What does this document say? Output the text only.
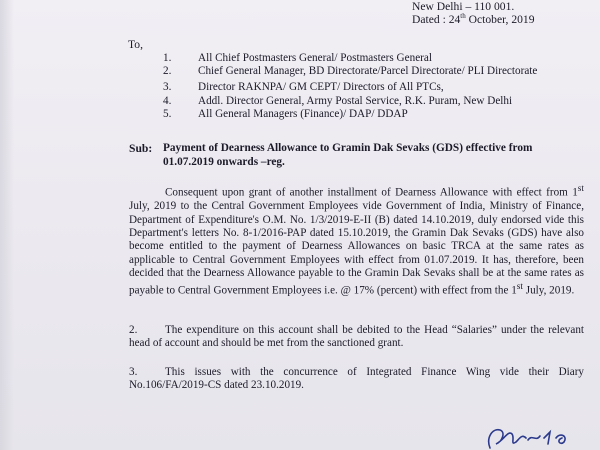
New Delhi – 110 001.
Dated : 24th October, 2019
To,
1.	All Chief Postmasters General/ Postmasters General
2.	Chief General Manager, BD Directorate/Parcel Directorate/ PLI Directorate
3.	Director RAKNPA/ GM CEPT/ Directors of All PTCs,
4.	Addl. Director General, Army Postal Service, R.K. Puram, New Delhi
5.	All General Managers (Finance)/ DAP/ DDAP
Sub: Payment of Dearness Allowance to Gramin Dak Sevaks (GDS) effective from 01.07.2019 onwards –reg.
Consequent upon grant of another installment of Dearness Allowance with effect from 1st July, 2019 to the Central Government Employees vide Government of India, Ministry of Finance, Department of Expenditure's O.M. No. 1/3/2019-E-II (B) dated 14.10.2019, duly endorsed vide this Department's letters No. 8-1/2016-PAP dated 15.10.2019, the Gramin Dak Sevaks (GDS) have also become entitled to the payment of Dearness Allowances on basic TRCA at the same rates as applicable to Central Government Employees with effect from 01.07.2019. It has, therefore, been decided that the Dearness Allowance payable to the Gramin Dak Sevaks shall be at the same rates as payable to Central Government Employees i.e. @ 17% (percent) with effect from the 1st July, 2019.
2. The expenditure on this account shall be debited to the Head “Salaries” under the relevant head of account and should be met from the sanctioned grant.
3. This issues with the concurrence of Integrated Finance Wing vide their Diary No.106/FA/2019-CS dated 23.10.2019.
